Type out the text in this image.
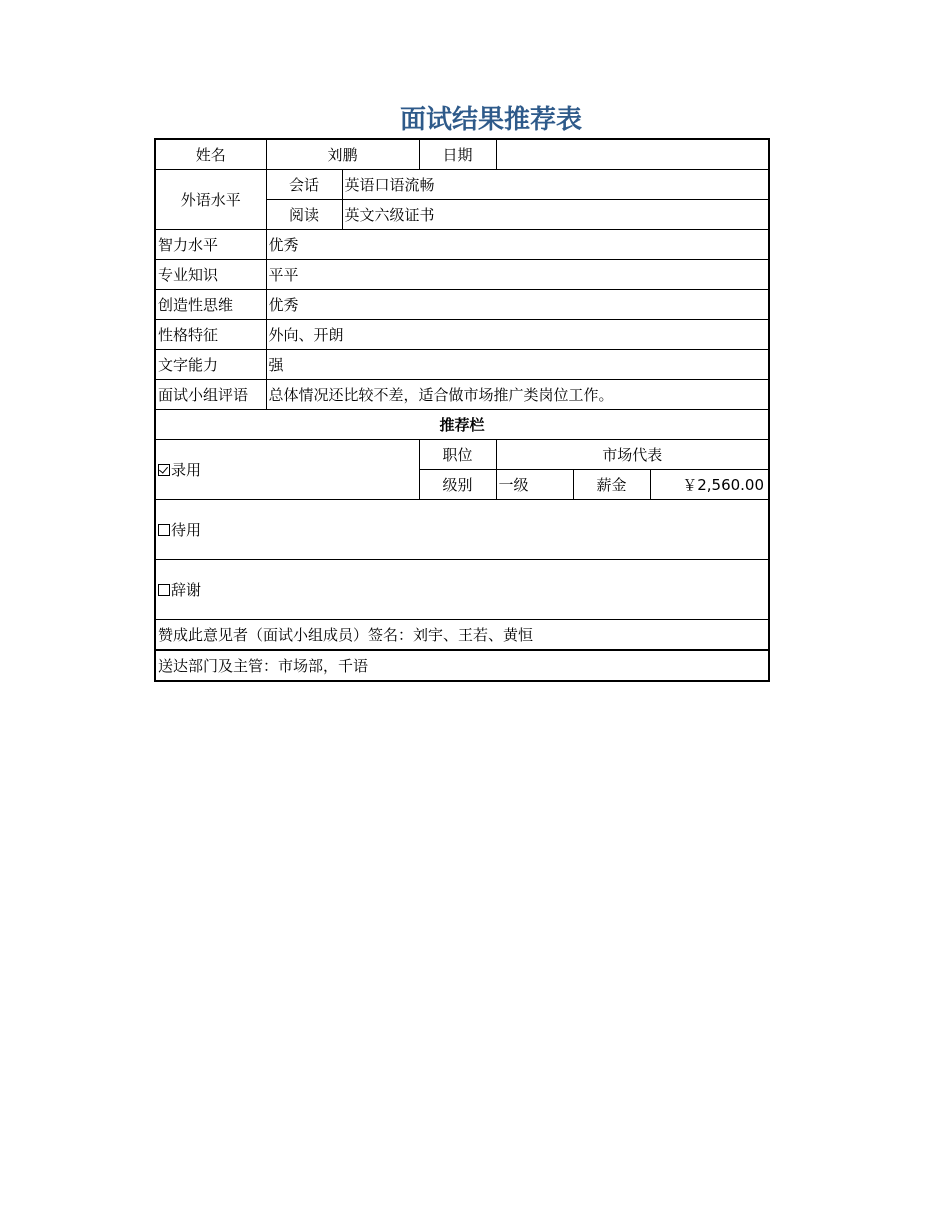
面试结果推荐表
姓名	刘鹏		日期			
外语水平	会话	英语口语流畅				
	阅读	英文六级证书				
智力水平	优秀					
专业知识	平平					
创造性思维	优秀					
性格特征	外向、开朗					
文字能力	强					
面试小组评语	总体情况还比较不差，适合做市场推广类岗位工作。					
推荐栏						
录用			职位	市场代表		
			级别	一级	薪金	￥2,560.00
待用						
辞谢						
赞成此意见者（面试小组成员）签名：刘宇、王若、黄恒						
送达部门及主管：市场部，千语						
